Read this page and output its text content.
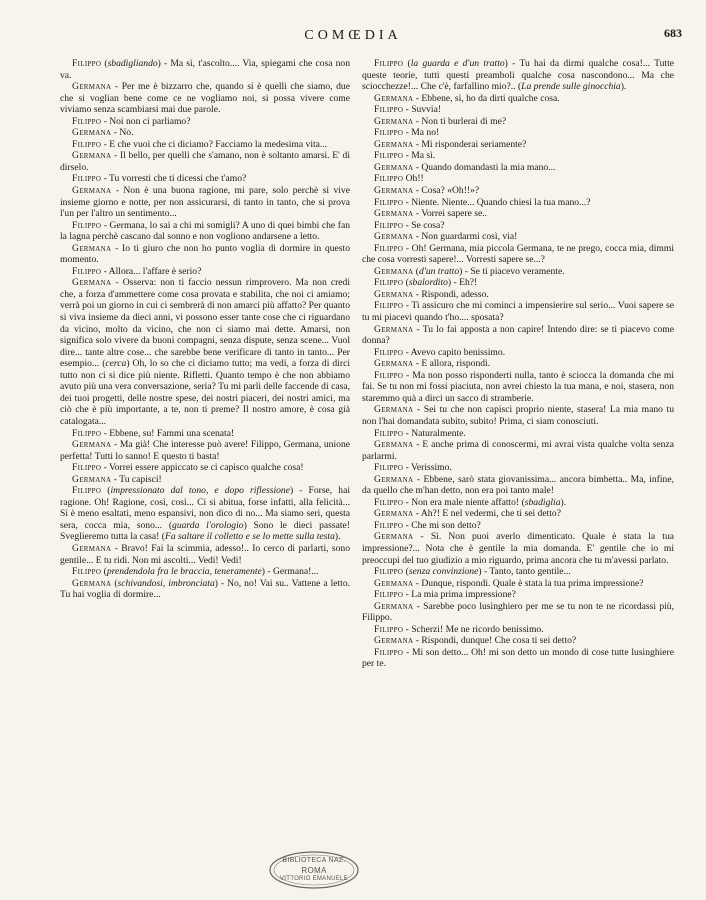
COMŒDIA	683

Filippo (sbadigliando) - Ma sì, t'ascolto.... Via, spiegami che cosa non va.

Germana - Per me è bizzarro che, quando si è quelli che siamo, due che si voglian bene come ce ne vogliamo noi, si possa vivere come viviamo senza scambiarsi mai due parole.

Filippo - Noi non ci parliamo?

Germana - No.

Filippo - E che vuoi che ci diciamo? Facciamo la medesima vita...

Germana - Il bello, per quelli che s'amano, non è soltanto amarsi. E' di dirselo.

Filippo - Tu vorresti che ti dicessi che t'amo?

Germana - Non è una buona ragione, mi pare, solo perchè si vive insieme giorno e notte, per non assicurarsi, di tanto in tanto, che si prova l'un per l'altro un sentimento...

Filippo - Germana, lo sai a chi mi somigli? A uno di quei bimbi che fan la lagna perchè cascano dal sonno e non vogliono andarsene a letto.

Germana - Io ti giuro che non ho punto voglia di dormire in questo momento.

Filippo - Allora... l'affare è serio?

Germana - Osserva: non ti faccio nessun rimprovero. Ma non credi che, a forza d'ammettere come cosa provata e stabilita, che noi ci amiamo; verrà poi un giorno in cui ci sembrerà di non amarci più affatto? Per quanto si viva insieme da dieci anni, vi possono esser tante cose che ci riguardano da vicino, molto da vicino, che non ci siamo mai dette. Amarsi, non significa solo vivere da buoni compagni, senza dispute, senza scene... Vuol dire... tante altre cose... che sarebbe bene verificare di tanto in tanto... Per esempio... (cerca) Oh, lo so che ci diciamo tutto; ma vedi, a forza di dirci tutto non ci si dice più niente. Rifletti. Quanto tempo è che non abbiamo avuto più una vera conversazione, seria? Tu mi parli delle faccende di casa, dei tuoi progetti, delle nostre spese, dei nostri piaceri, dei nostri amici, ma ciò che è più importante, a te, non ti preme? Il nostro amore, è cosa già catalogata...

Filippo - Ebbene, su! Fammi una scenata!

Germana - Ma già! Che interesse può avere! Filippo, Germana, unione perfetta! Tutti lo sanno! E questo ti basta!

Filippo - Vorrei essere appiccato se ci capisco qualche cosa!

Germana - Tu capisci!

Filippo (impressionato dal tono, e dopo riflessione) - Forse, hai ragione. Oh! Ragione, così, così... Ci si abitua, forse infatti, alla felicità... Si è meno esaltati, meno espansivi, non dico di no... Ma siamo seri, questa sera, cocca mia, sono... (guarda l'orologio) Sono le dieci passate! Sveglieremo tutta la casa! (Fa saltare il colletto e se lo mette sulla testa).

Germana - Bravo! Fai la scimmia, adesso!.. Io cerco di parlarti, sono gentile... E tu ridi. Non mi ascolti... Vedi! Vedi!

Filippo (prendendola fra le braccia, teneramente) - Germana!...

Germana (schivandosi, imbronciata) - No, no! Vai su.. Vattene a letto. Tu hai voglia di dormire...

Filippo (la guarda e d'un tratto) - Tu hai da dirmi qualche cosa!... Tutte queste teorie, tutti questi preamboli qualche cosa nascondono... Ma che sciocchezze!... Che c'è, farfallino mio?.. (La prende sulle ginocchia).

Germana - Ebbene, sì, ho da dirti qualche cosa.

Filippo - Suvvia!

Germana - Non ti burlerai di me?

Filippo - Ma no!

Germana - Mi risponderai seriamente?

Filippo - Ma sì.

Germana - Quando domandasti la mia mano...

Filippo Oh!!

Germana - Cosa? «Oh!!»?

Filippo - Niente. Niente... Quando chiesi la tua mano...?

Germana - Vorrei sapere se..

Filippo - Se cosa?

Germana - Non guardarmi così, via!

Filippo - Oh! Germana, mia piccola Germana, te ne prego, cocca mia, dimmi che cosa vorresti sapere!... Vorresti sapere se...?

Germana (d'un tratto) - Se ti piacevo veramente.

Filippo (sbalordito) - Eh?!

Germana - Rispondi, adesso.

Filippo - Ti assicuro che mi cominci a impensierire sul serio... Vuoi sapere se tu mi piacevi quando t'ho.... sposata?

Germana - Tu lo fai apposta a non capire! Intendo dire: se ti piacevo come donna?

Filippo - Avevo capito benissimo.

Germana - E allora, rispondi.

Filippo - Ma non posso risponderti nulla, tanto è sciocca la domanda che mi fai. Se tu non mi fossi piaciuta, non avrei chiesto la tua mana, e noi, stasera, non staremmo quà a dirci un sacco di stramberie.

Germana - Sei tu che non capisci proprio niente, stasera! La mia mano tu non l'hai domandata subito, subito! Prima, ci siam conosciuti.

Filippo - Naturalmente.

Germana - E anche prima di conoscermi, mi avrai vista qualche volta senza parlarmi.

Filippo - Verissimo.

Germana - Ebbene, sarò stata giovanissima... ancora bimbetta.. Ma, infine, da quello che m'han detto, non era poi tanto male!

Filippo - Non era male niente affatto! (sbadiglia).

Germana - Ah?! E nel vedermi, che ti sei detto?

Filippo - Che mi son detto?

Germana - Sì. Non puoi averlo dimenticato. Quale è stata la tua impressione?... Nota che è gentile la mia domanda. E' gentile che io mi preoccupi del tuo giudizio a mio riguardo, prima ancora che tu m'avessi parlato.

Filippo (senza convinzione) - Tanto, tanto gentile...

Germana - Dunque, rispondi. Quale è stata la tua prima impressione?

Filippo - La mia prima impressione?

Germana - Sarebbe poco lusinghiero per me se tu non te ne ricordassi più, Filippo.

Filippo - Scherzi! Me ne ricordo benissimo.

Germana - Rispondi, dunque! Che cosa ti sei detto?

Filippo - Mi son detto... Oh! mi son detto un mondo di cose tutte lusinghiere per te.

BIBLIOTECA NAZ.
ROMA
VITTORIO EMANUELE
